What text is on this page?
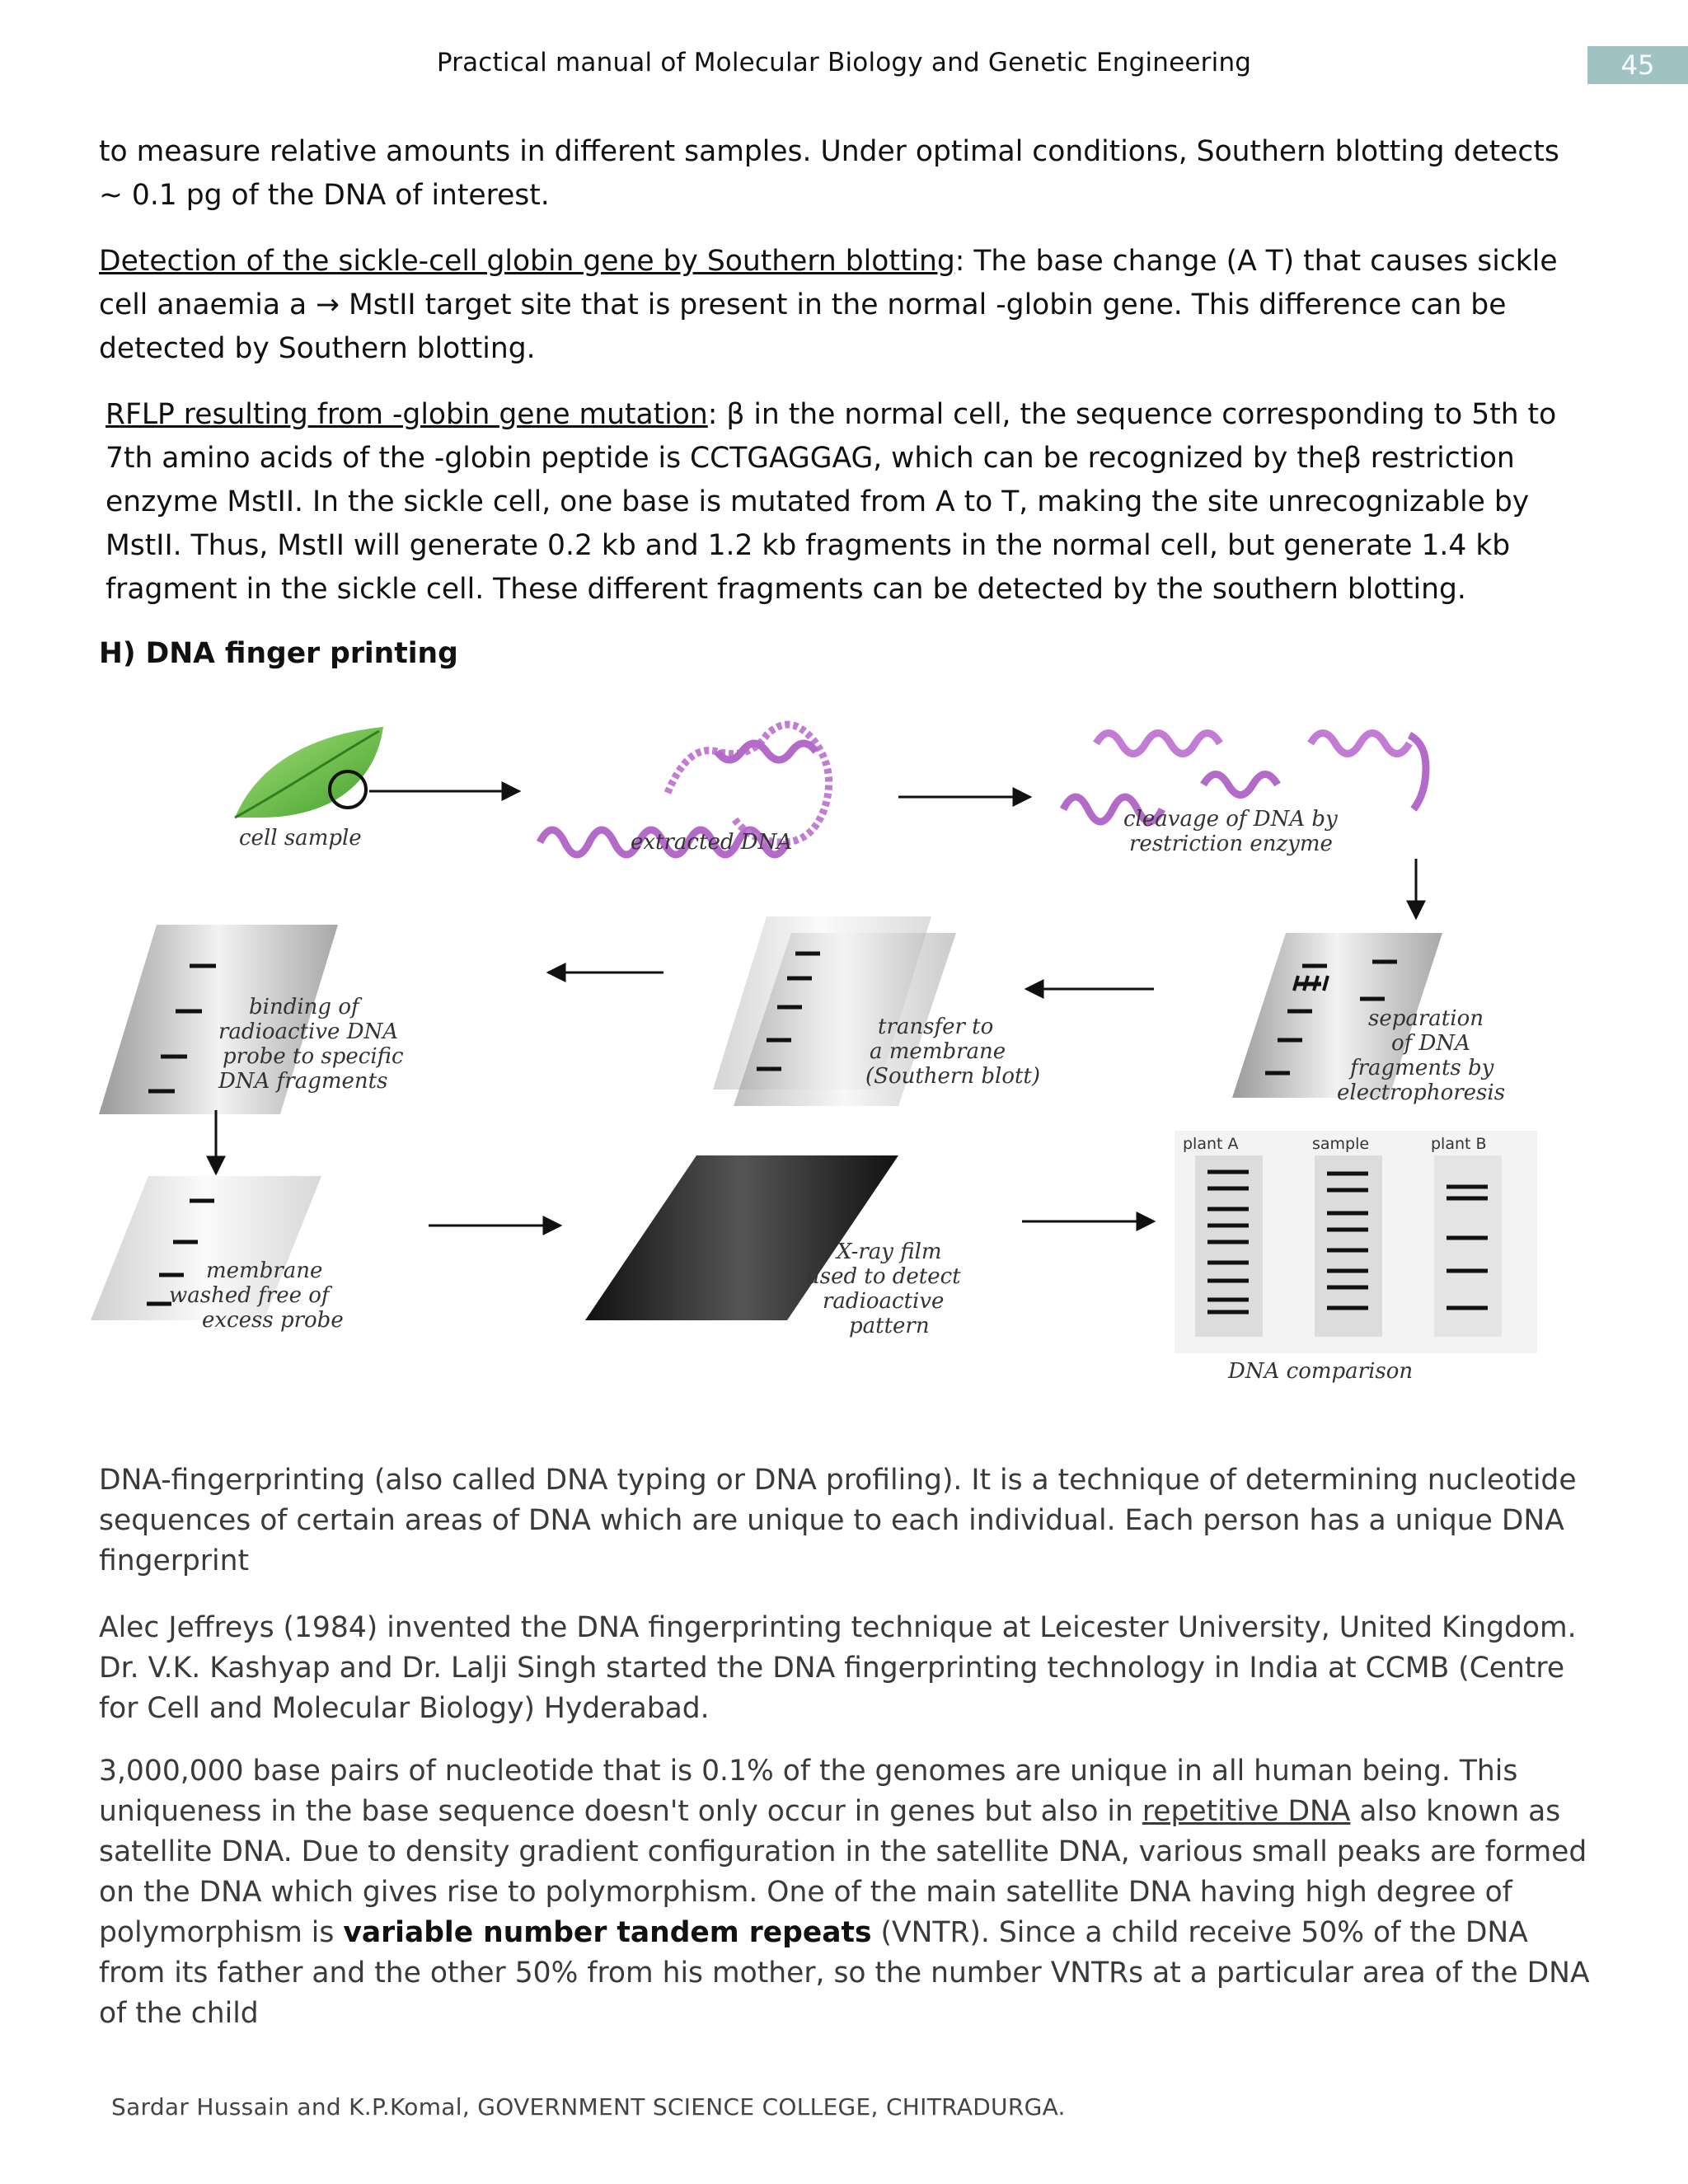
Practical manual of Molecular Biology and Genetic Engineering	45

to measure relative amounts in different samples. Under optimal conditions, Southern blotting detects ~ 0.1 pg of the DNA of interest.

Detection of the sickle-cell globin gene by Southern blotting: The base change (A T) that causes sickle cell anaemia a → MstII target site that is present in the normal -globin gene. This difference can be detected by Southern blotting.

RFLP resulting from -globin gene mutation: β in the normal cell, the sequence corresponding to 5th to 7th amino acids of the -globin peptide is CCTGAGGAG, which can be recognized by theβ restriction enzyme MstII. In the sickle cell, one base is mutated from A to T, making the site unrecognizable by MstII. Thus, MstII will generate 0.2 kb and 1.2 kb fragments in the normal cell, but generate 1.4 kb fragment in the sickle cell. These different fragments can be detected by the southern blotting.

H) DNA finger printing
cell sample	extracted DNA
cleavage of DNA by
restriction enzyme
separation
of DNA
fragments by
electrophoresis
transfer to
a membrane
(Southern blott)
binding of
radioactive DNA
probe to specific
DNA fragments
membrane
washed free of
excess probe
X-ray film
used to detect
radioactive
pattern
plant A	sample	plant B
DNA comparison

DNA-fingerprinting (also called DNA typing or DNA profiling). It is a technique of determining nucleotide sequences of certain areas of DNA which are unique to each individual. Each person has a unique DNA fingerprint

Alec Jeffreys (1984) invented the DNA fingerprinting technique at Leicester University, United Kingdom. Dr. V.K. Kashyap and Dr. Lalji Singh started the DNA fingerprinting technology in India at CCMB (Centre for Cell and Molecular Biology) Hyderabad.

3,000,000 base pairs of nucleotide that is 0.1% of the genomes are unique in all human being. This uniqueness in the base sequence doesn't only occur in genes but also in repetitive DNA also known as satellite DNA. Due to density gradient configuration in the satellite DNA, various small peaks are formed on the DNA which gives rise to polymorphism. One of the main satellite DNA having high degree of polymorphism is variable number tandem repeats (VNTR). Since a child receive 50% of the DNA from its father and the other 50% from his mother, so the number VNTRs at a particular area of the DNA of the child

Sardar Hussain and K.P.Komal, GOVERNMENT SCIENCE COLLEGE, CHITRADURGA.
